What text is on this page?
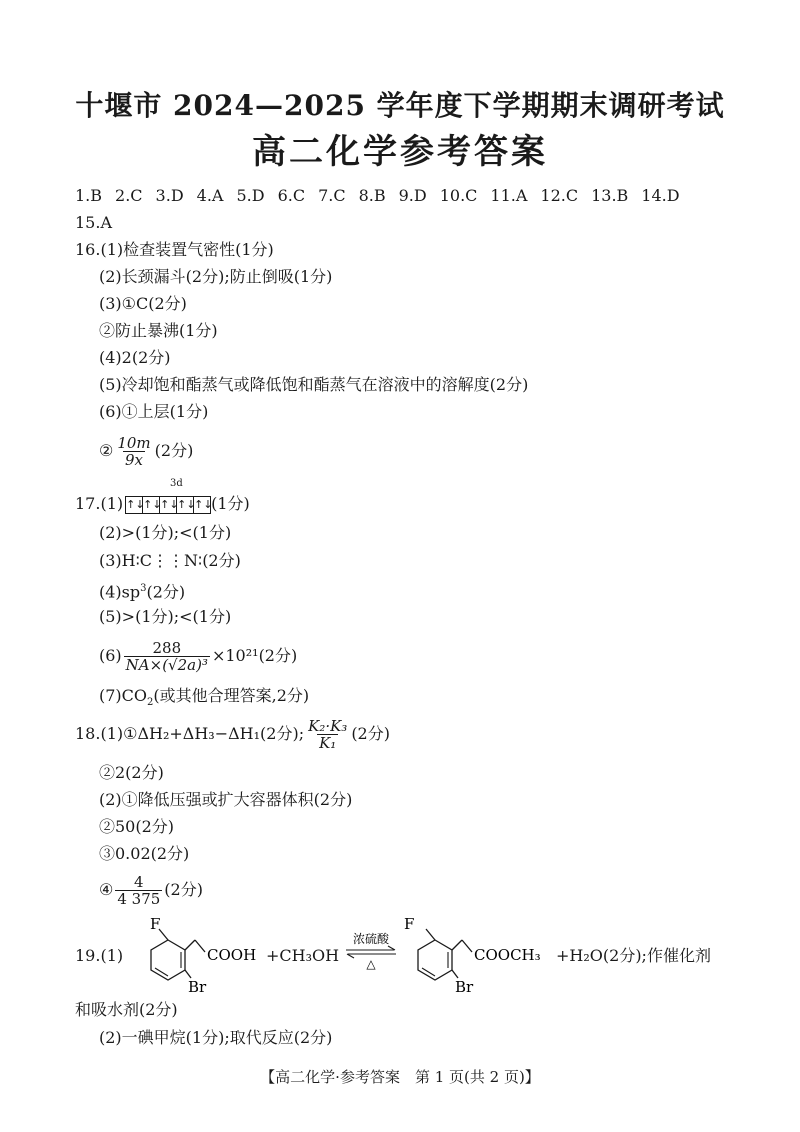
十堰市 2024—2025 学年度下学期期末调研考试
高二化学参考答案
1.B 2.C 3.D 4.A 5.D 6.C 7.C 8.B 9.D 10.C 11.A 12.C 13.B 14.D
15.A
16.(1)检查装置气密性(1分)
(2)长颈漏斗(2分);防止倒吸(1分)
(3)①C(2分)
②防止暴沸(1分)
(4)2(2分)
(5)冷却饱和酯蒸气或降低饱和酯蒸气在溶液中的溶解度(2分)
(6)①上层(1分)
② $\frac{10m}{9x} (2$分)
3d
17.(1) ↑↓
↑↓
↑↓
↑↓
↑↓
(1分)
(2)>(1分);<(1分)
(3)H∶C⋮⋮N∶(2分)
$(4)sp^3(2$分)
(5)>(1分);<(1分)
$(6) \frac{288}{\text{NA×(√2a)³}} \times 10^{21}(2$分)
$(7)CO_2$(或其他合理答案,2分)
18.(1)①ΔH₂+ΔH₃−ΔH₁(2分); $\frac{\text{K₂·K₃}}{\text{K₁}} (2$分)
②2(2分)
(2)①降低压强或扩大容器体积(2分)
②50(2分)
③0.02(2分)
④ $\frac{4}{4 375} (2$分)
19.(1)
F
Br
COOH +CH₃OH
浓硫酸
△
F
Br
COOCH₃ +H₂O(2分);作催化剂
和吸水剂(2分)
(2)一碘甲烷(1分);取代反应(2分)
【高二化学·参考答案　第 1 页(共 2 页)】
